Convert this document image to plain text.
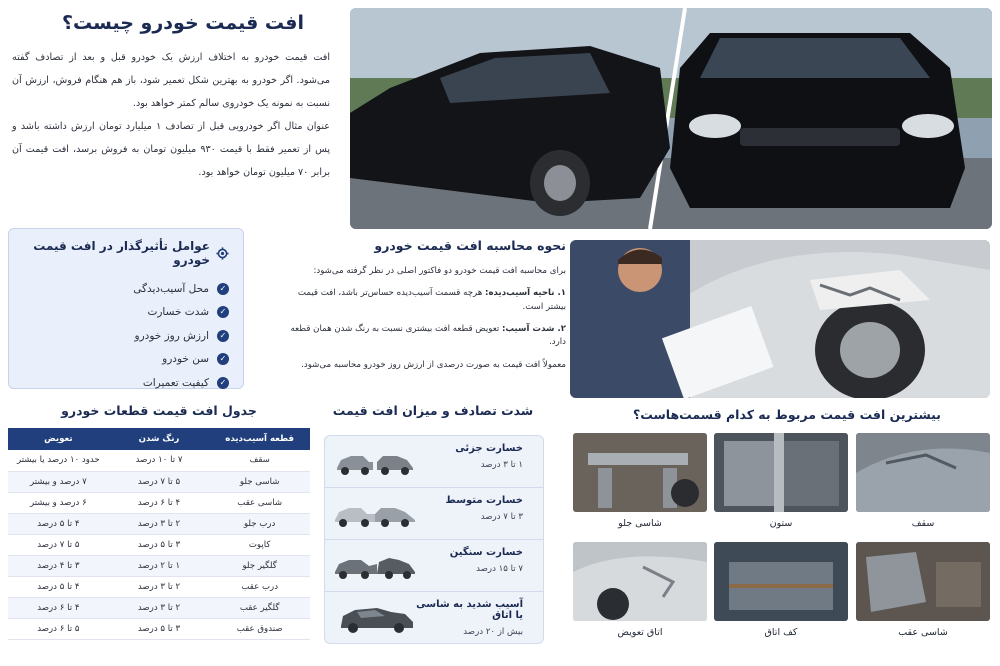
افت قیمت خودرو چیست؟

افت قیمت خودرو به اختلاف ارزش یک خودرو قبل و بعد از تصادف گفته می‌شود. اگر خودرو به بهترین شکل تعمیر شود، باز هم هنگام فروش، ارزش آن نسبت به نمونه یک خودروی سالم کمتر خواهد بود.

عنوان مثال اگر خودرویی قبل از تصادف ۱ میلیارد تومان ارزش داشته باشد و پس از تعمیر فقط با قیمت ۹۳۰ میلیون تومان به فروش برسد، افت قیمت آن برابر ۷۰ میلیون تومان خواهد بود.

عوامل تأثیرگذار در افت قیمت خودرو
✓
محل آسیب‌دیدگی
✓
شدت خسارت
✓
ارزش روز خودرو
✓
سن خودرو
✓
کیفیت تعمیرات
نحوه محاسبه افت قیمت خودرو

برای محاسبه افت قیمت خودرو دو فاکتور اصلی در نظر گرفته می‌شود:

۱. ناحیه آسیب‌دیده: هرچه قسمت آسیب‌دیده حساس‌تر باشد، افت قیمت بیشتر است.

۲. شدت آسیب: تعویض قطعه افت بیشتری نسبت به رنگ شدن همان قطعه دارد.

معمولاً افت قیمت به صورت درصدی از ارزش روز خودرو محاسبه می‌شود.

جدول افت قیمت قطعات خودرو
قطعه آسیب‌دیده	رنگ شدن	تعویض
سقف	۷ تا ۱۰ درصد	حدود ۱۰ درصد یا بیشتر
شاسی جلو	۵ تا ۷ درصد	۷ درصد و بیشتر
شاسی عقب	۴ تا ۶ درصد	۶ درصد و بیشتر
درب جلو	۲ تا ۳ درصد	۴ تا ۵ درصد
کاپوت	۳ تا ۵ درصد	۵ تا ۷ درصد
گلگیر جلو	۱ تا ۲ درصد	۳ تا ۴ درصد
درب عقب	۲ تا ۳ درصد	۴ تا ۵ درصد
گلگیر عقب	۲ تا ۳ درصد	۴ تا ۶ درصد
صندوق عقب	۳ تا ۵ درصد	۵ تا ۶ درصد
شدت تصادف و میزان افت قیمت
خسارت جزئی
۱ تا ۳ درصد
خسارت متوسط
۳ تا ۷ درصد
خسارت سنگین
۷ تا ۱۵ درصد
آسیب شدید به شاسی یا اتاق
بیش از ۲۰ درصد
بیشترین افت قیمت مربوط به کدام قسمت‌هاست؟
سقف
ستون
شاسی جلو
شاسی عقب
کف اتاق
اتاق تعویض
